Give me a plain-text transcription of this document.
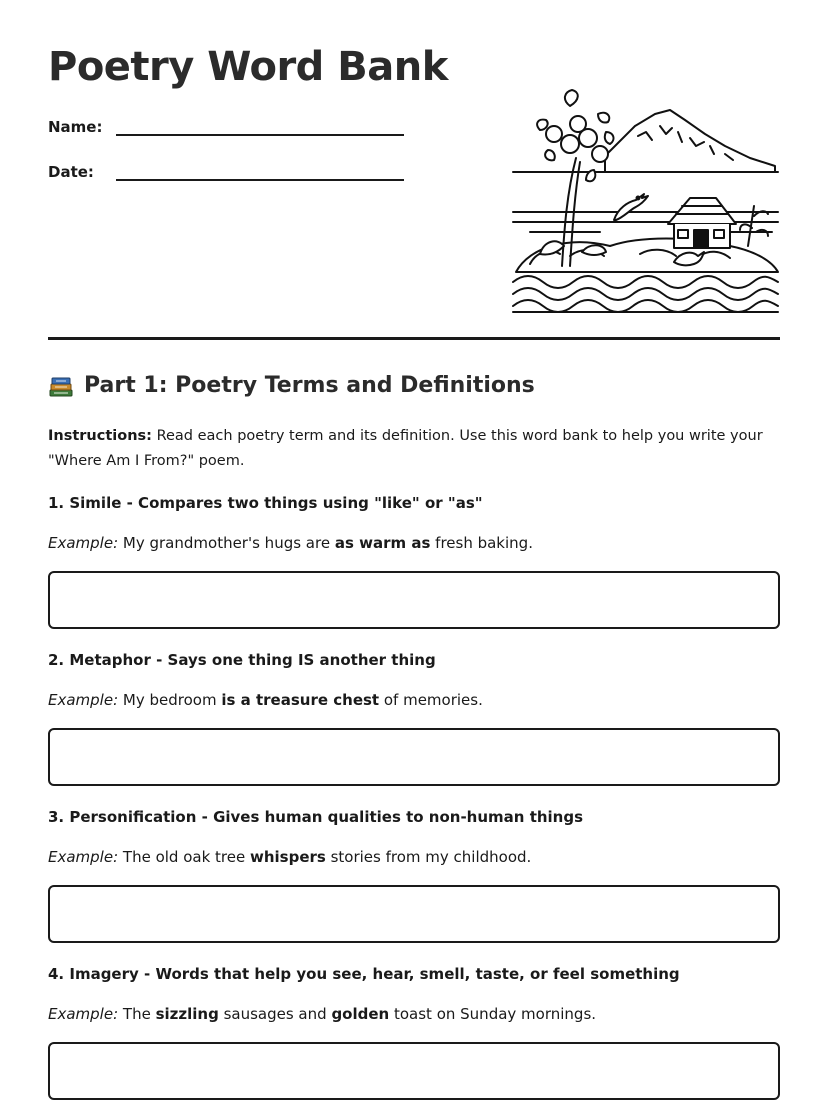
Poetry Word Bank
Name:
Date:
Part 1: Poetry Terms and Definitions
Instructions: Read each poetry term and its definition. Use this word bank to help you write your "Where Am I From?" poem.
1. Simile - Compares two things using "like" or "as"
Example: My grandmother's hugs are as warm as fresh baking.
2. Metaphor - Says one thing IS another thing
Example: My bedroom is a treasure chest of memories.
3. Personification - Gives human qualities to non-human things
Example: The old oak tree whispers stories from my childhood.
4. Imagery - Words that help you see, hear, smell, taste, or feel something
Example: The sizzling sausages and golden toast on Sunday mornings.
